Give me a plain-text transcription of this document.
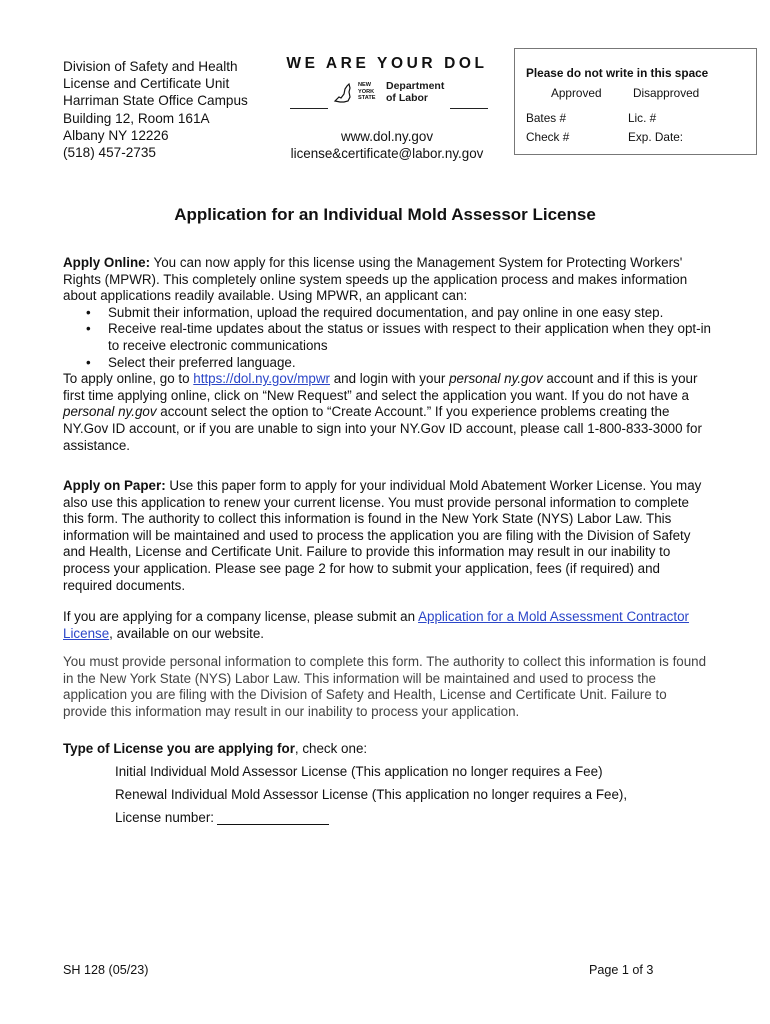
Division of Safety and Health
License and Certificate Unit
Harriman State Office Campus
Building 12, Room 161A
Albany NY 12226
(518) 457-2735
WE ARE YOUR DOL
NEW
YORK
STATE
Department
of Labor
www.dol.ny.gov
license&certificate@labor.ny.gov
Please do not write in this space
Approved	Disapproved
Bates #	Lic. #
Check #	Exp. Date:
Application for an Individual Mold Assessor License

Apply Online: You can now apply for this license using the Management System for Protecting Workers' Rights (MPWR). This completely online system speeds up the application process and makes information about applications readily available. Using MPWR, an applicant can:

• Submit their information, upload the required documentation, and pay online in one easy step.
• Receive real-time updates about the status or issues with respect to their application when they opt-in to receive electronic communications
• Select their preferred language.

To apply online, go to https://dol.ny.gov/mpwr and login with your personal ny.gov account and if this is your first time applying online, click on “New Request” and select the application you want. If you do not have a personal ny.gov account select the option to “Create Account.” If you experience problems creating the NY.Gov ID account, or if you are unable to sign into your NY.Gov ID account, please call 1-800-833-3000 for assistance.

Apply on Paper: Use this paper form to apply for your individual Mold Abatement Worker License. You may also use this application to renew your current license. You must provide personal information to complete this form. The authority to collect this information is found in the New York State (NYS) Labor Law. This information will be maintained and used to process the application you are filing with the Division of Safety and Health, License and Certificate Unit. Failure to provide this information may result in our inability to process your application. Please see page 2 for how to submit your application, fees (if required) and required documents.

If you are applying for a company license, please submit an Application for a Mold Assessment Contractor License, available on our website.

You must provide personal information to complete this form. The authority to collect this information is found in the New York State (NYS) Labor Law. This information will be maintained and used to process the application you are filing with the Division of Safety and Health, License and Certificate Unit. Failure to provide this information may result in our inability to process your application.

Type of License you are applying for, check one:

Initial Individual Mold Assessor License (This application no longer requires a Fee)
Renewal Individual Mold Assessor License (This application no longer requires a Fee),
License number:
SH 128 (05/23)	Page 1 of 3
